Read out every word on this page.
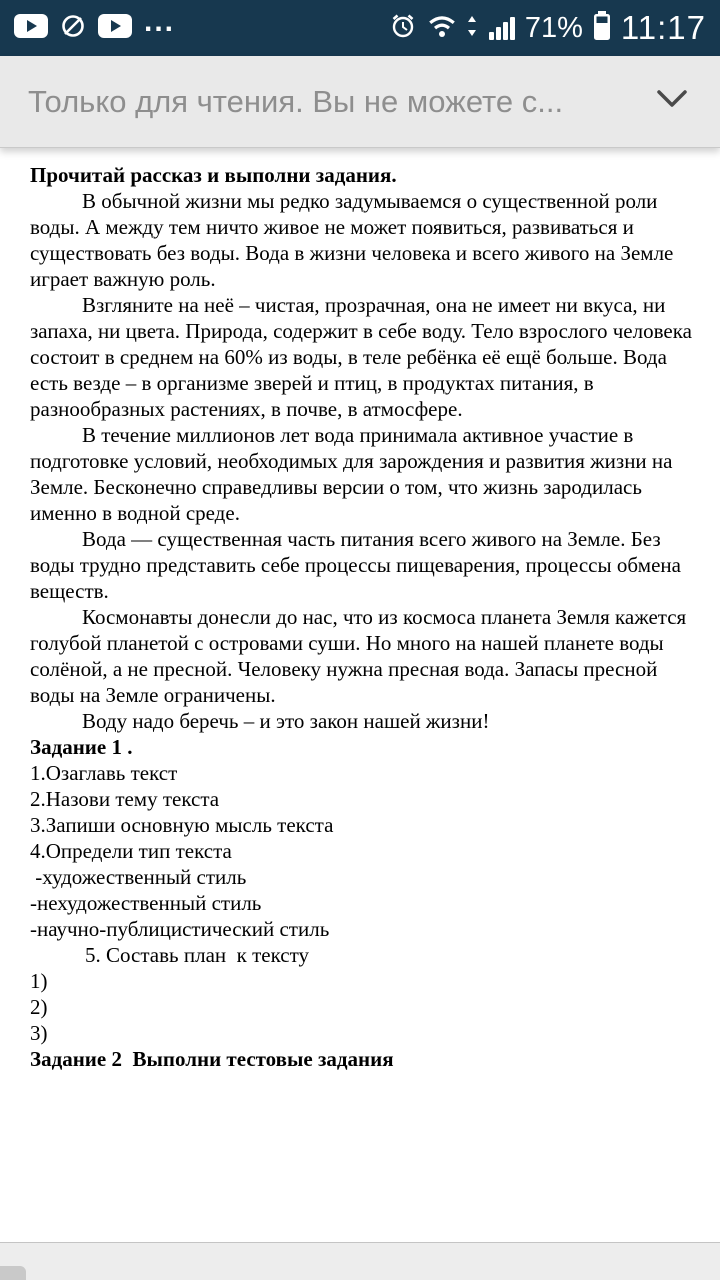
...	71% 11:17
Только для чтения. Вы не можете с...

Прочитай рассказ и выполни задания.

В обычной жизни мы редко задумываемся о существенной роли воды. А между тем ничто живое не может появиться, развиваться и существовать без воды. Вода в жизни человека и всего живого на Земле играет важную роль.

Взгляните на неё – чистая, прозрачная, она не имеет ни вкуса, ни запаха, ни цвета. Природа, содержит в себе воду. Тело взрослого человека состоит в среднем на 60% из воды, в теле ребёнка её ещё больше. Вода есть везде – в организме зверей и птиц, в продуктах питания, в разнообразных растениях, в почве, в атмосфере.

В течение миллионов лет вода принимала активное участие в подготовке условий, необходимых для зарождения и развития жизни на Земле. Бесконечно справедливы версии о том, что жизнь зародилась именно в водной среде.

Вода — существенная часть питания всего живого на Земле. Без воды трудно представить себе процессы пищеварения, процессы обмена веществ.

Космонавты донесли до нас, что из космоса планета Земля кажется голубой планетой с островами суши. Но много на нашей планете воды солёной, а не пресной. Человеку нужна пресная вода. Запасы пресной воды на Земле ограничены.

Воду надо беречь – и это закон нашей жизни!

Задание 1 .

1.Озаглавь текст

2.Назови тему текста

3.Запиши основную мысль текста

4.Определи тип текста

-художественный стиль

-нехудожественный стиль

-научно-публицистический стиль

5. Составь план  к тексту

1)

2)

3)

Задание 2  Выполни тестовые задания
